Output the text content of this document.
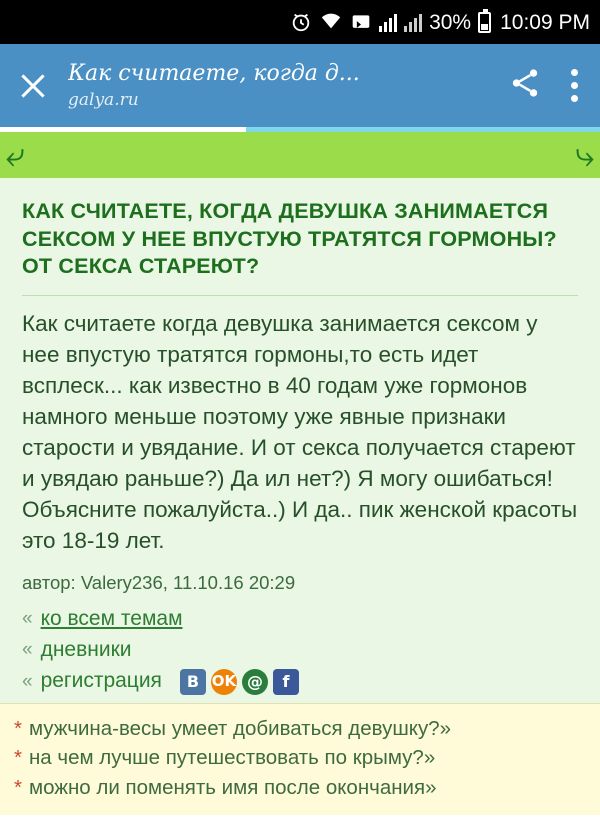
30% 10:09 PM
Как считаете, когда д...
galya.ru
⤷	⤷
КАК СЧИТАЕТЕ, КОГДА ДЕВУШКА ЗАНИМАЕТСЯ СЕКСОМ У НЕЕ ВПУСТУЮ ТРАТЯТСЯ ГОРМОНЫ? ОТ СЕКСА СТАРЕЮТ?
Как считаете когда девушка занимается сексом у нее впустую тратятся гормоны,то есть идет всплеск... как известно в 40 годам уже гормонов намного меньше поэтому уже явные признаки старости и увядание. И от секса получается стареют и увядаю раньше?) Да ил нет?) Я могу ошибаться! Объясните пожалуйста..) И да.. пик женской красоты это 18-19 лет.
автор: Valery236, 11.10.16 20:29
« ко всем темам
« дневники
« регистрация	B OK @	f
* мужчина-весы умеет добиваться девушку?»
* на чем лучше путешествовать по крыму?»
* можно ли поменять имя после окончания»
